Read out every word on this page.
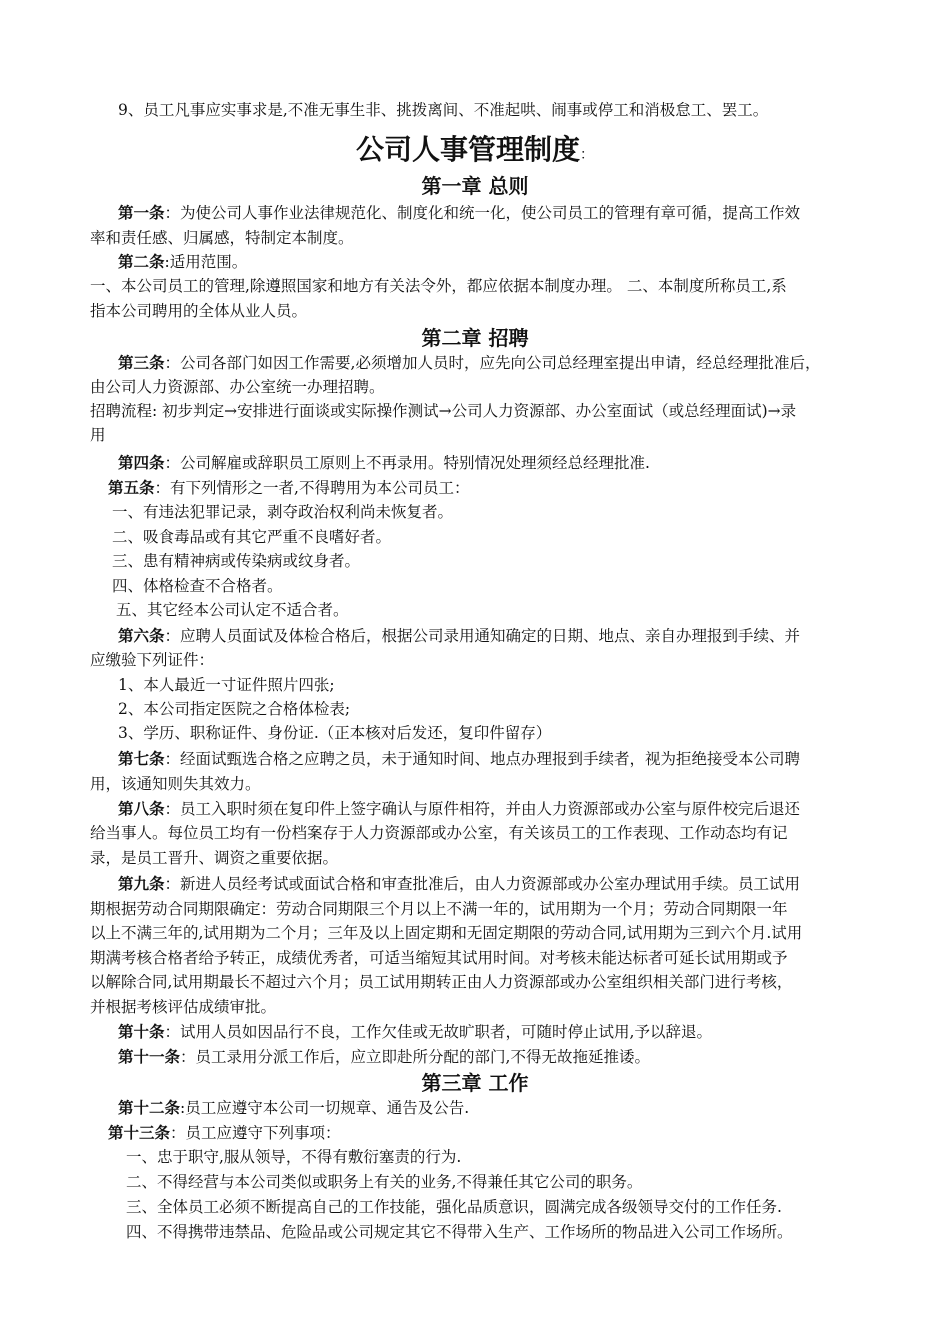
9、员工凡事应实事求是,不准无事生非、挑拨离间、不准起哄、闹事或停工和消极怠工、罢工。
公司人事管理制度：
第一章 总则
第一条：为使公司人事作业法律规范化、制度化和统一化，使公司员工的管理有章可循，提高工作效
率和责任感、归属感，特制定本制度。
第二条:适用范围。
一、本公司员工的管理,除遵照国家和地方有关法令外，都应依据本制度办理。 二、本制度所称员工,系
指本公司聘用的全体从业人员。
第二章 招聘
第三条：公司各部门如因工作需要,必须增加人员时，应先向公司总经理室提出申请，经总经理批准后，
由公司人力资源部、办公室统一办理招聘。
招聘流程: 初步判定→安排进行面谈或实际操作测试→公司人力资源部、办公室面试（或总经理面试)→录
用
第四条：公司解雇或辞职员工原则上不再录用。特别情况处理须经总经理批准.
第五条：有下列情形之一者,不得聘用为本公司员工：
一、有违法犯罪记录，剥夺政治权利尚未恢复者。
二、吸食毒品或有其它严重不良嗜好者。
三、患有精神病或传染病或纹身者。
四、体格检查不合格者。
五、其它经本公司认定不适合者。
第六条：应聘人员面试及体检合格后，根据公司录用通知确定的日期、地点、亲自办理报到手续、并
应缴验下列证件：
1、本人最近一寸证件照片四张;
2、本公司指定医院之合格体检表;
3、学历、职称证件、身份证.（正本核对后发还，复印件留存）
第七条：经面试甄选合格之应聘之员，未于通知时间、地点办理报到手续者，视为拒绝接受本公司聘
用，该通知则失其效力。
第八条：员工入职时须在复印件上签字确认与原件相符，并由人力资源部或办公室与原件校完后退还
给当事人。每位员工均有一份档案存于人力资源部或办公室，有关该员工的工作表现、工作动态均有记
录，是员工晋升、调资之重要依据。
第九条：新进人员经考试或面试合格和审查批准后，由人力资源部或办公室办理试用手续。员工试用
期根据劳动合同期限确定：劳动合同期限三个月以上不满一年的，试用期为一个月；劳动合同期限一年
以上不满三年的,试用期为二个月；三年及以上固定期和无固定期限的劳动合同,试用期为三到六个月.试用
期满考核合格者给予转正，成绩优秀者，可适当缩短其试用时间。对考核未能达标者可延长试用期或予
以解除合同,试用期最长不超过六个月；员工试用期转正由人力资源部或办公室组织相关部门进行考核，
并根据考核评估成绩审批。
第十条：试用人员如因品行不良，工作欠佳或无故旷职者，可随时停止试用,予以辞退。
第十一条：员工录用分派工作后，应立即赴所分配的部门,不得无故拖延推诿。
第三章 工作
第十二条:员工应遵守本公司一切规章、通告及公告.
第十三条：员工应遵守下列事项：
一、忠于职守,服从领导，不得有敷衍塞责的行为.
二、不得经营与本公司类似或职务上有关的业务,不得兼任其它公司的职务。
三、全体员工必须不断提高自己的工作技能，强化品质意识，圆满完成各级领导交付的工作任务.
四、不得携带违禁品、危险品或公司规定其它不得带入生产、工作场所的物品进入公司工作场所。
